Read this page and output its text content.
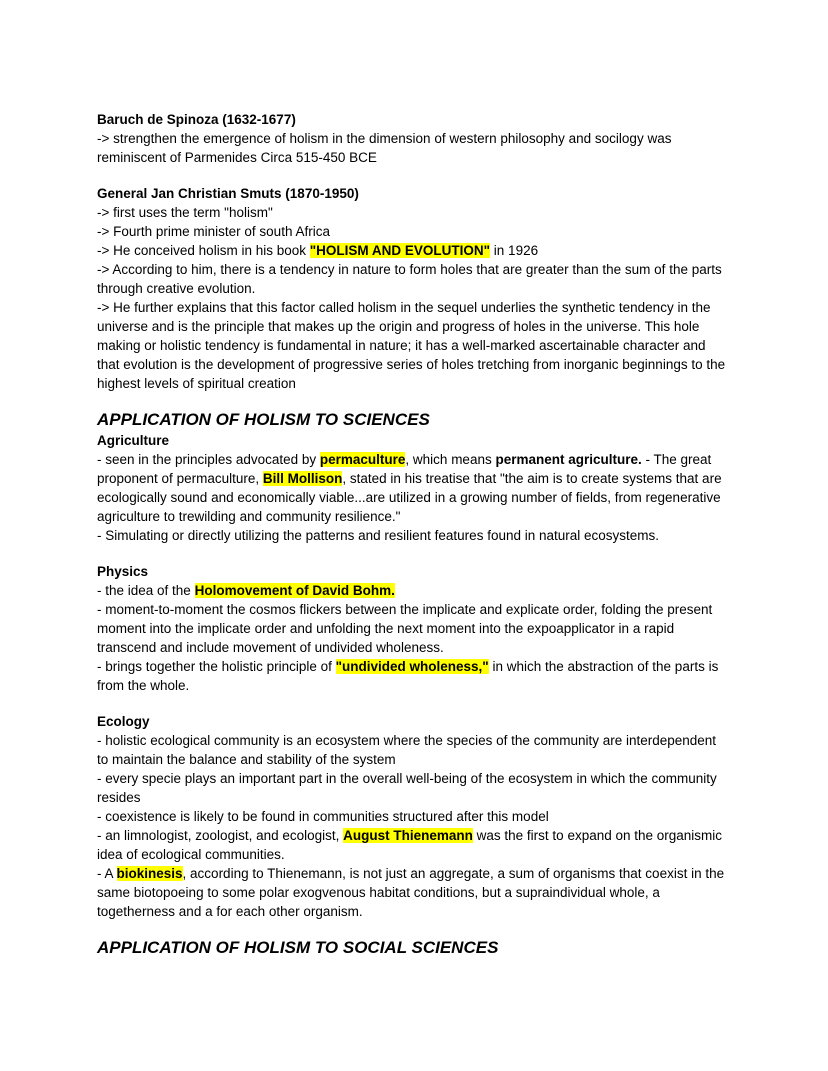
Baruch de Spinoza (1632-1677)

-> strengthen the emergence of holism in the dimension of western philosophy and socilogy was reminiscent of Parmenides Circa 515-450 BCE

General Jan Christian Smuts (1870-1950)

-> first uses the term "holism"

-> Fourth prime minister of south Africa

-> He conceived holism in his book "HOLISM AND EVOLUTION" in 1926

-> According to him, there is a tendency in nature to form holes that are greater than the sum of the parts through creative evolution.

-> He further explains that this factor called holism in the sequel underlies the synthetic tendency in the universe and is the principle that makes up the origin and progress of holes in the universe. This hole making or holistic tendency is fundamental in nature; it has a well-marked ascertainable character and that evolution is the development of progressive series of holes tretching from inorganic beginnings to the highest levels of spiritual creation

APPLICATION OF HOLISM TO SCIENCES
Agriculture

- seen in the principles advocated by permaculture, which means permanent agriculture. - The great proponent of permaculture, Bill Mollison, stated in his treatise that "the aim is to create systems that are ecologically sound and economically viable...are utilized in a growing number of fields, from regenerative agriculture to trewilding and community resilience."

- Simulating or directly utilizing the patterns and resilient features found in natural ecosystems.

Physics

- the idea of the Holomovement of David Bohm.

- moment-to-moment the cosmos flickers between the implicate and explicate order, folding the present moment into the implicate order and unfolding the next moment into the expoapplicator in a rapid transcend and include movement of undivided wholeness.

- brings together the holistic principle of "undivided wholeness," in which the abstraction of the parts is from the whole.

Ecology

- holistic ecological community is an ecosystem where the species of the community are interdependent to maintain the balance and stability of the system

- every specie plays an important part in the overall well-being of the ecosystem in which the community resides

- coexistence is likely to be found in communities structured after this model

- an limnologist, zoologist, and ecologist, August Thienemann was the first to expand on the organismic idea of ecological communities.

- A biokinesis, according to Thienemann, is not just an aggregate, a sum of organisms that coexist in the same biotopoeing to some polar exogvenous habitat conditions, but a supraindividual whole, a togetherness and a for each other organism.

APPLICATION OF HOLISM TO SOCIAL SCIENCES
